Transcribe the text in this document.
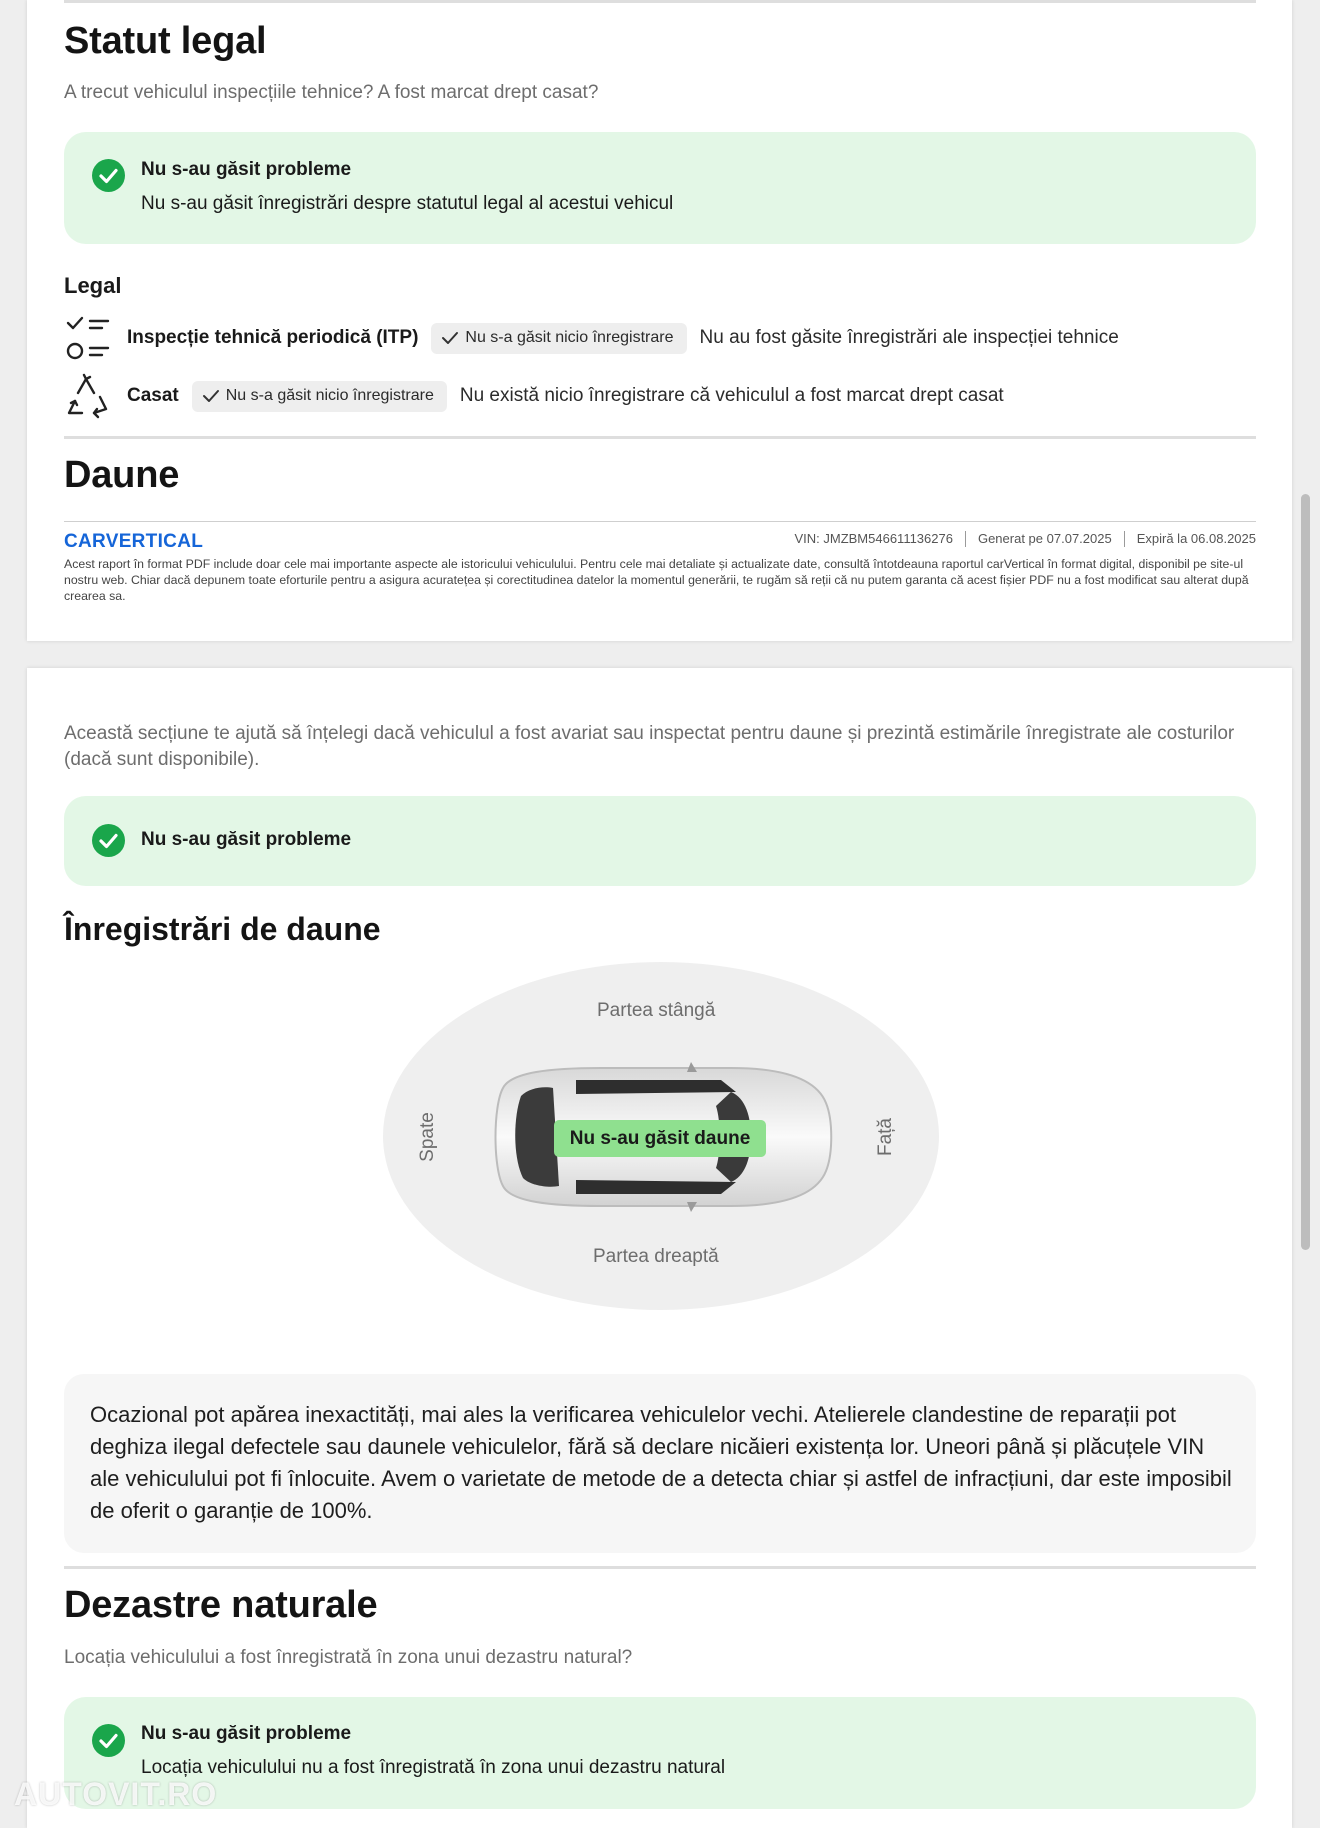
Statut legal

A trecut vehiculul inspecțiile tehnice? A fost marcat drept casat?

Nu s-au găsit probleme
Nu s-au găsit înregistrări despre statutul legal al acestui vehicul
Legal
Inspecție tehnică periodică (ITP)	Nu s-a găsit nicio înregistrare Nu au fost găsite înregistrări ale inspecției tehnice
Casat	Nu s-a găsit nicio înregistrare Nu există nicio înregistrare că vehiculul a fost marcat drept casat
Daune
CARVERTICAL	VIN:
JMZBM546611136276 Generat pe
07.07.2025 Expiră la
06.08.2025

Acest raport în format PDF include doar cele mai importante aspecte ale istoricului vehiculului. Pentru cele mai detaliate și actualizate date, consultă întotdeauna raportul carVertical în format digital, disponibil pe site-ul nostru web. Chiar dacă depunem toate eforturile pentru a asigura acuratețea și corectitudinea datelor la momentul generării, te rugăm să reții că nu putem garanta că acest fișier PDF nu a fost modificat sau alterat după crearea sa.

Această secțiune te ajută să înțelegi dacă vehiculul a fost avariat sau inspectat pentru daune și prezintă estimările înregistrate ale costurilor (dacă sunt disponibile).

Nu s-au găsit probleme
Înregistrări de daune
Partea stângă
Partea dreaptă
Spate	Față
Nu s-au găsit daune

Ocazional pot apărea inexactități, mai ales la verificarea vehiculelor vechi. Atelierele clandestine de reparații pot deghiza ilegal defectele sau daunele vehiculelor, fără să declare nicăieri existența lor. Uneori până și plăcuțele VIN ale vehiculului pot fi înlocuite. Avem o varietate de metode de a detecta chiar și astfel de infracțiuni, dar este imposibil de oferit o garanție de 100%.

Dezastre naturale

Locația vehiculului a fost înregistrată în zona unui dezastru natural?

Nu s-au găsit probleme
Locația vehiculului nu a fost înregistrată în zona unui dezastru natural
AUTOVIT.RO
